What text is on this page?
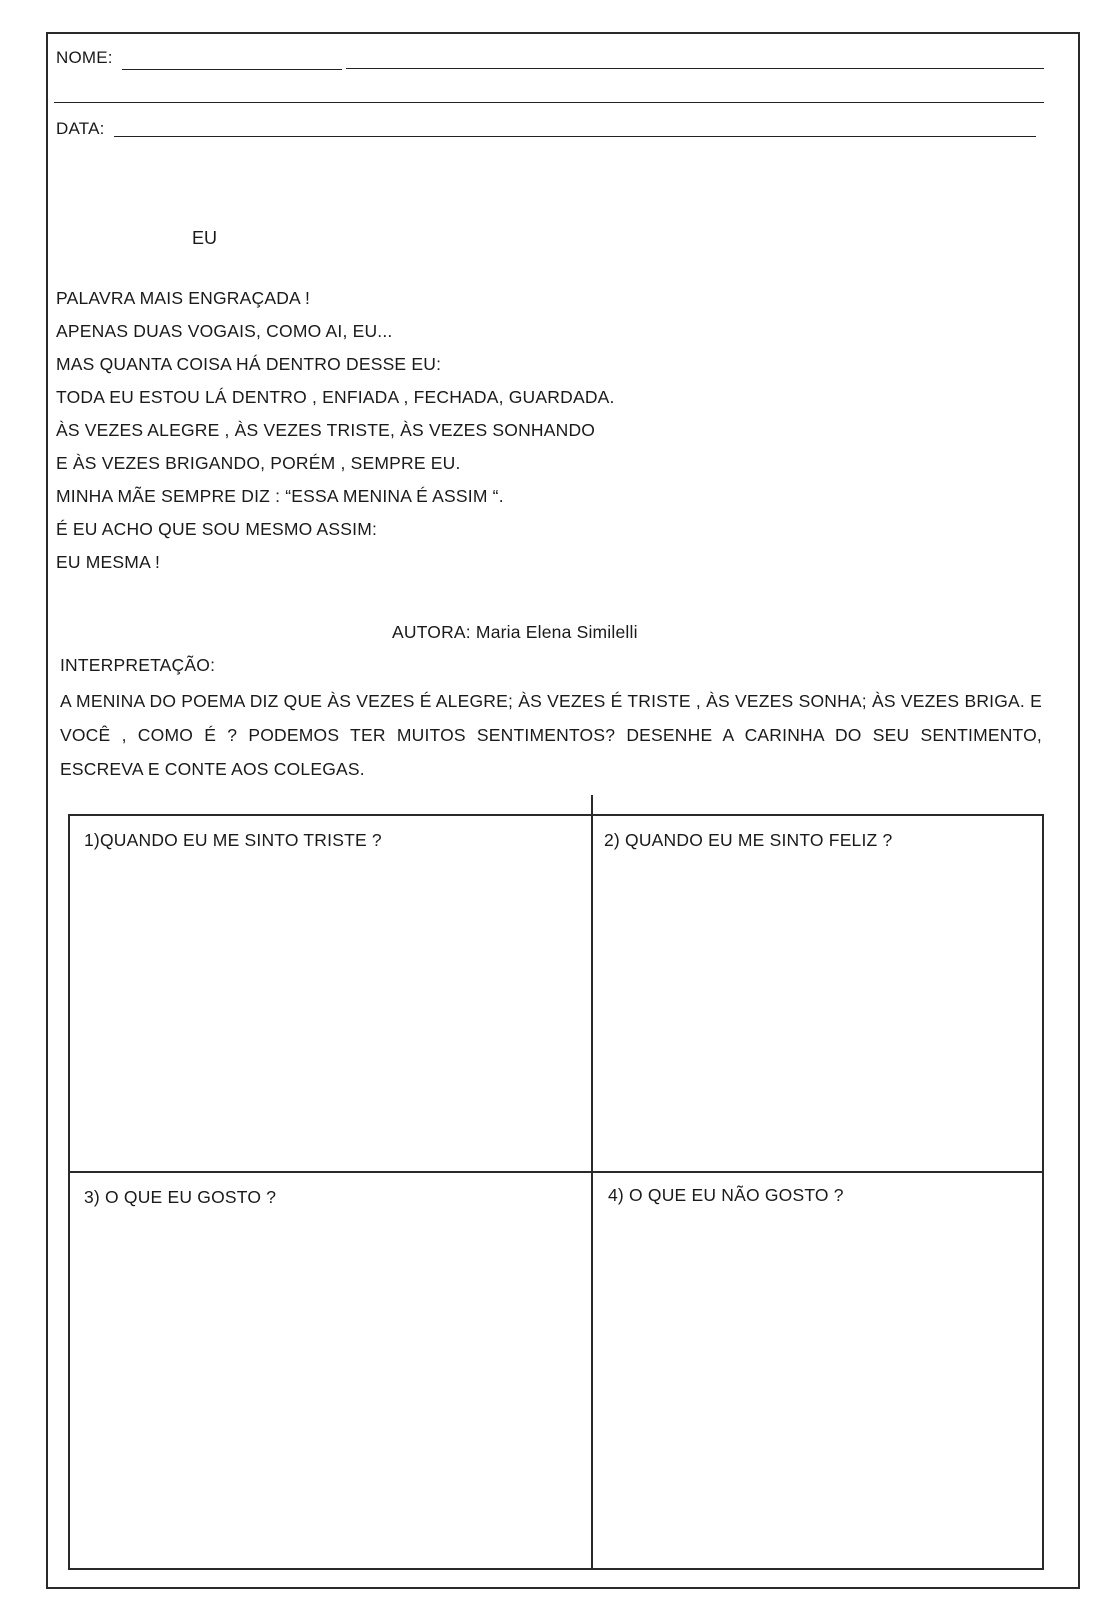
NOME:
DATA:
EU
PALAVRA MAIS ENGRAÇADA !
APENAS DUAS VOGAIS, COMO AI, EU...
MAS QUANTA COISA HÁ DENTRO DESSE EU:
TODA EU ESTOU LÁ DENTRO , ENFIADA , FECHADA, GUARDADA.
ÀS VEZES ALEGRE , ÀS VEZES TRISTE, ÀS VEZES SONHANDO
E ÀS VEZES BRIGANDO, PORÉM , SEMPRE EU.
MINHA MÃE SEMPRE DIZ : “ESSA MENINA É ASSIM “.
É EU ACHO QUE SOU MESMO ASSIM:
EU MESMA !
AUTORA: Maria Elena Similelli
INTERPRETAÇÃO:

A MENINA DO POEMA DIZ QUE ÀS VEZES É ALEGRE; ÀS VEZES É TRISTE , ÀS VEZES SONHA; ÀS VEZES BRIGA. E VOCÊ , COMO É ? PODEMOS TER MUITOS SENTIMENTOS? DESENHE A CARINHA DO SEU SENTIMENTO, ESCREVA E CONTE AOS COLEGAS.

1)QUANDO EU ME SINTO TRISTE ?	2) QUANDO EU ME SINTO FELIZ ?
3) O QUE EU GOSTO ?	4) O QUE EU NÃO GOSTO ?
